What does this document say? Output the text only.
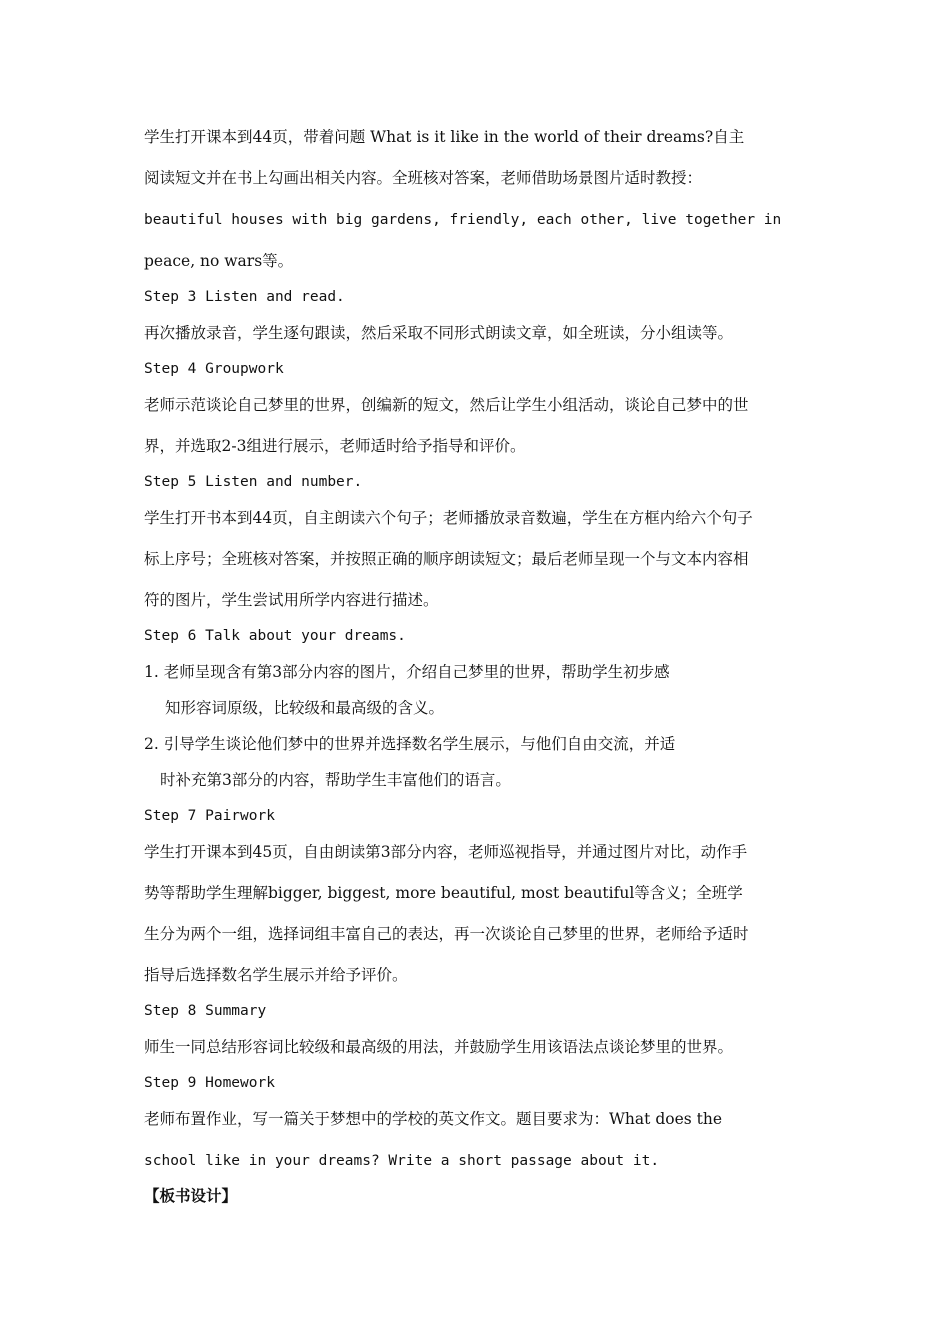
学生打开课本到44页，带着问题 What is it like in the world of their dreams?自主
阅读短文并在书上勾画出相关内容。全班核对答案，老师借助场景图片适时教授：
beautiful houses with big gardens, friendly, each other, live together in
peace, no wars等。
Step 3 Listen and read.
再次播放录音，学生逐句跟读，然后采取不同形式朗读文章，如全班读，分小组读等。
Step 4 Groupwork
老师示范谈论自己梦里的世界，创编新的短文，然后让学生小组活动，谈论自己梦中的世
界，并选取2-3组进行展示，老师适时给予指导和评价。
Step 5 Listen and number.
学生打开书本到44页，自主朗读六个句子；老师播放录音数遍，学生在方框内给六个句子
标上序号；全班核对答案，并按照正确的顺序朗读短文；最后老师呈现一个与文本内容相
符的图片，学生尝试用所学内容进行描述。
Step 6 Talk about your dreams.
1. 老师呈现含有第3部分内容的图片，介绍自己梦里的世界，帮助学生初步感
知形容词原级，比较级和最高级的含义。
2. 引导学生谈论他们梦中的世界并选择数名学生展示，与他们自由交流，并适
时补充第3部分的内容，帮助学生丰富他们的语言。
Step 7 Pairwork
学生打开课本到45页，自由朗读第3部分内容，老师巡视指导，并通过图片对比，动作手
势等帮助学生理解bigger, biggest, more beautiful, most beautiful等含义；全班学
生分为两个一组，选择词组丰富自己的表达，再一次谈论自己梦里的世界，老师给予适时
指导后选择数名学生展示并给予评价。
Step 8 Summary
师生一同总结形容词比较级和最高级的用法，并鼓励学生用该语法点谈论梦里的世界。
Step 9 Homework
老师布置作业，写一篇关于梦想中的学校的英文作文。题目要求为：What does the
school like in your dreams? Write a short passage about it.
【板书设计】
